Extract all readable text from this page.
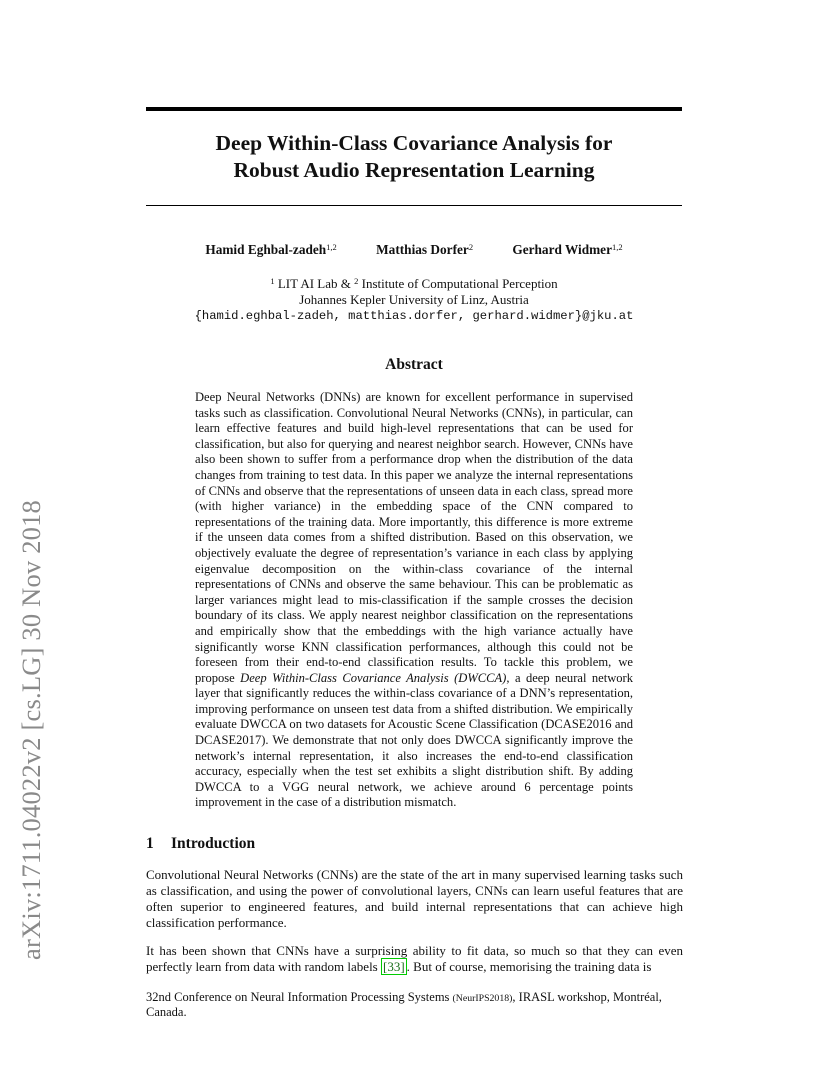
arXiv:1711.04022v2 [cs.LG] 30 Nov 2018
Deep Within-Class Covariance Analysis for
Robust Audio Representation Learning
Hamid Eghbal-zadeh$^{1,2}$	Matthias Dorfer$^2$	Gerhard Widmer$^{1,2}$
$^1$ LIT AI Lab & $^2$ Institute of Computational Perception
Johannes Kepler University of Linz, Austria
{hamid.eghbal-zadeh, matthias.dorfer, gerhard.widmer}@jku.at
Abstract

Deep Neural Networks (DNNs) are known for excellent performance in supervised tasks such as classification. Convolutional Neural Networks (CNNs), in particular, can learn effective features and build high-level representations that can be used for classification, but also for querying and nearest neighbor search. However, CNNs have also been shown to suffer from a performance drop when the distribution of the data changes from training to test data. In this paper we analyze the internal representations of CNNs and observe that the representations of unseen data in each class, spread more (with higher variance) in the embedding space of the CNN compared to representations of the training data. More importantly, this difference is more extreme if the unseen data comes from a shifted distribution. Based on this observation, we objectively evaluate the degree of representation’s variance in each class by applying eigenvalue decomposition on the within-class covariance of the internal representations of CNNs and observe the same behaviour. This can be problematic as larger variances might lead to mis-classification if the sample crosses the decision boundary of its class. We apply nearest neighbor classification on the representations and empirically show that the embeddings with the high variance actually have significantly worse KNN classification performances, although this could not be foreseen from their end-to-end classification results. To tackle this problem, we propose Deep Within-Class Covariance Analysis (DWCCA), a deep neural network layer that significantly reduces the within-class covariance of a DNN’s representation, improving performance on unseen test data from a shifted distribution. We empirically evaluate DWCCA on two datasets for Acoustic Scene Classification (DCASE2016 and DCASE2017). We demonstrate that not only does DWCCA significantly improve the network’s internal representation, it also increases the end-to-end classification accuracy, especially when the test set exhibits a slight distribution shift. By adding DWCCA to a VGG neural network, we achieve around 6 percentage points improvement in the case of a distribution mismatch.

1 Introduction

Convolutional Neural Networks (CNNs) are the state of the art in many supervised learning tasks such as classification, and using the power of convolutional layers, CNNs can learn useful features that are often superior to engineered features, and build internal representations that can achieve high classification performance.

It has been shown that CNNs have a surprising ability to fit data, so much so that they can even perfectly learn from data with random labels [33] . But of course, memorising the training data is

32nd Conference on Neural Information Processing Systems (NeurIPS2018), IRASL workshop, Montréal, Canada.
